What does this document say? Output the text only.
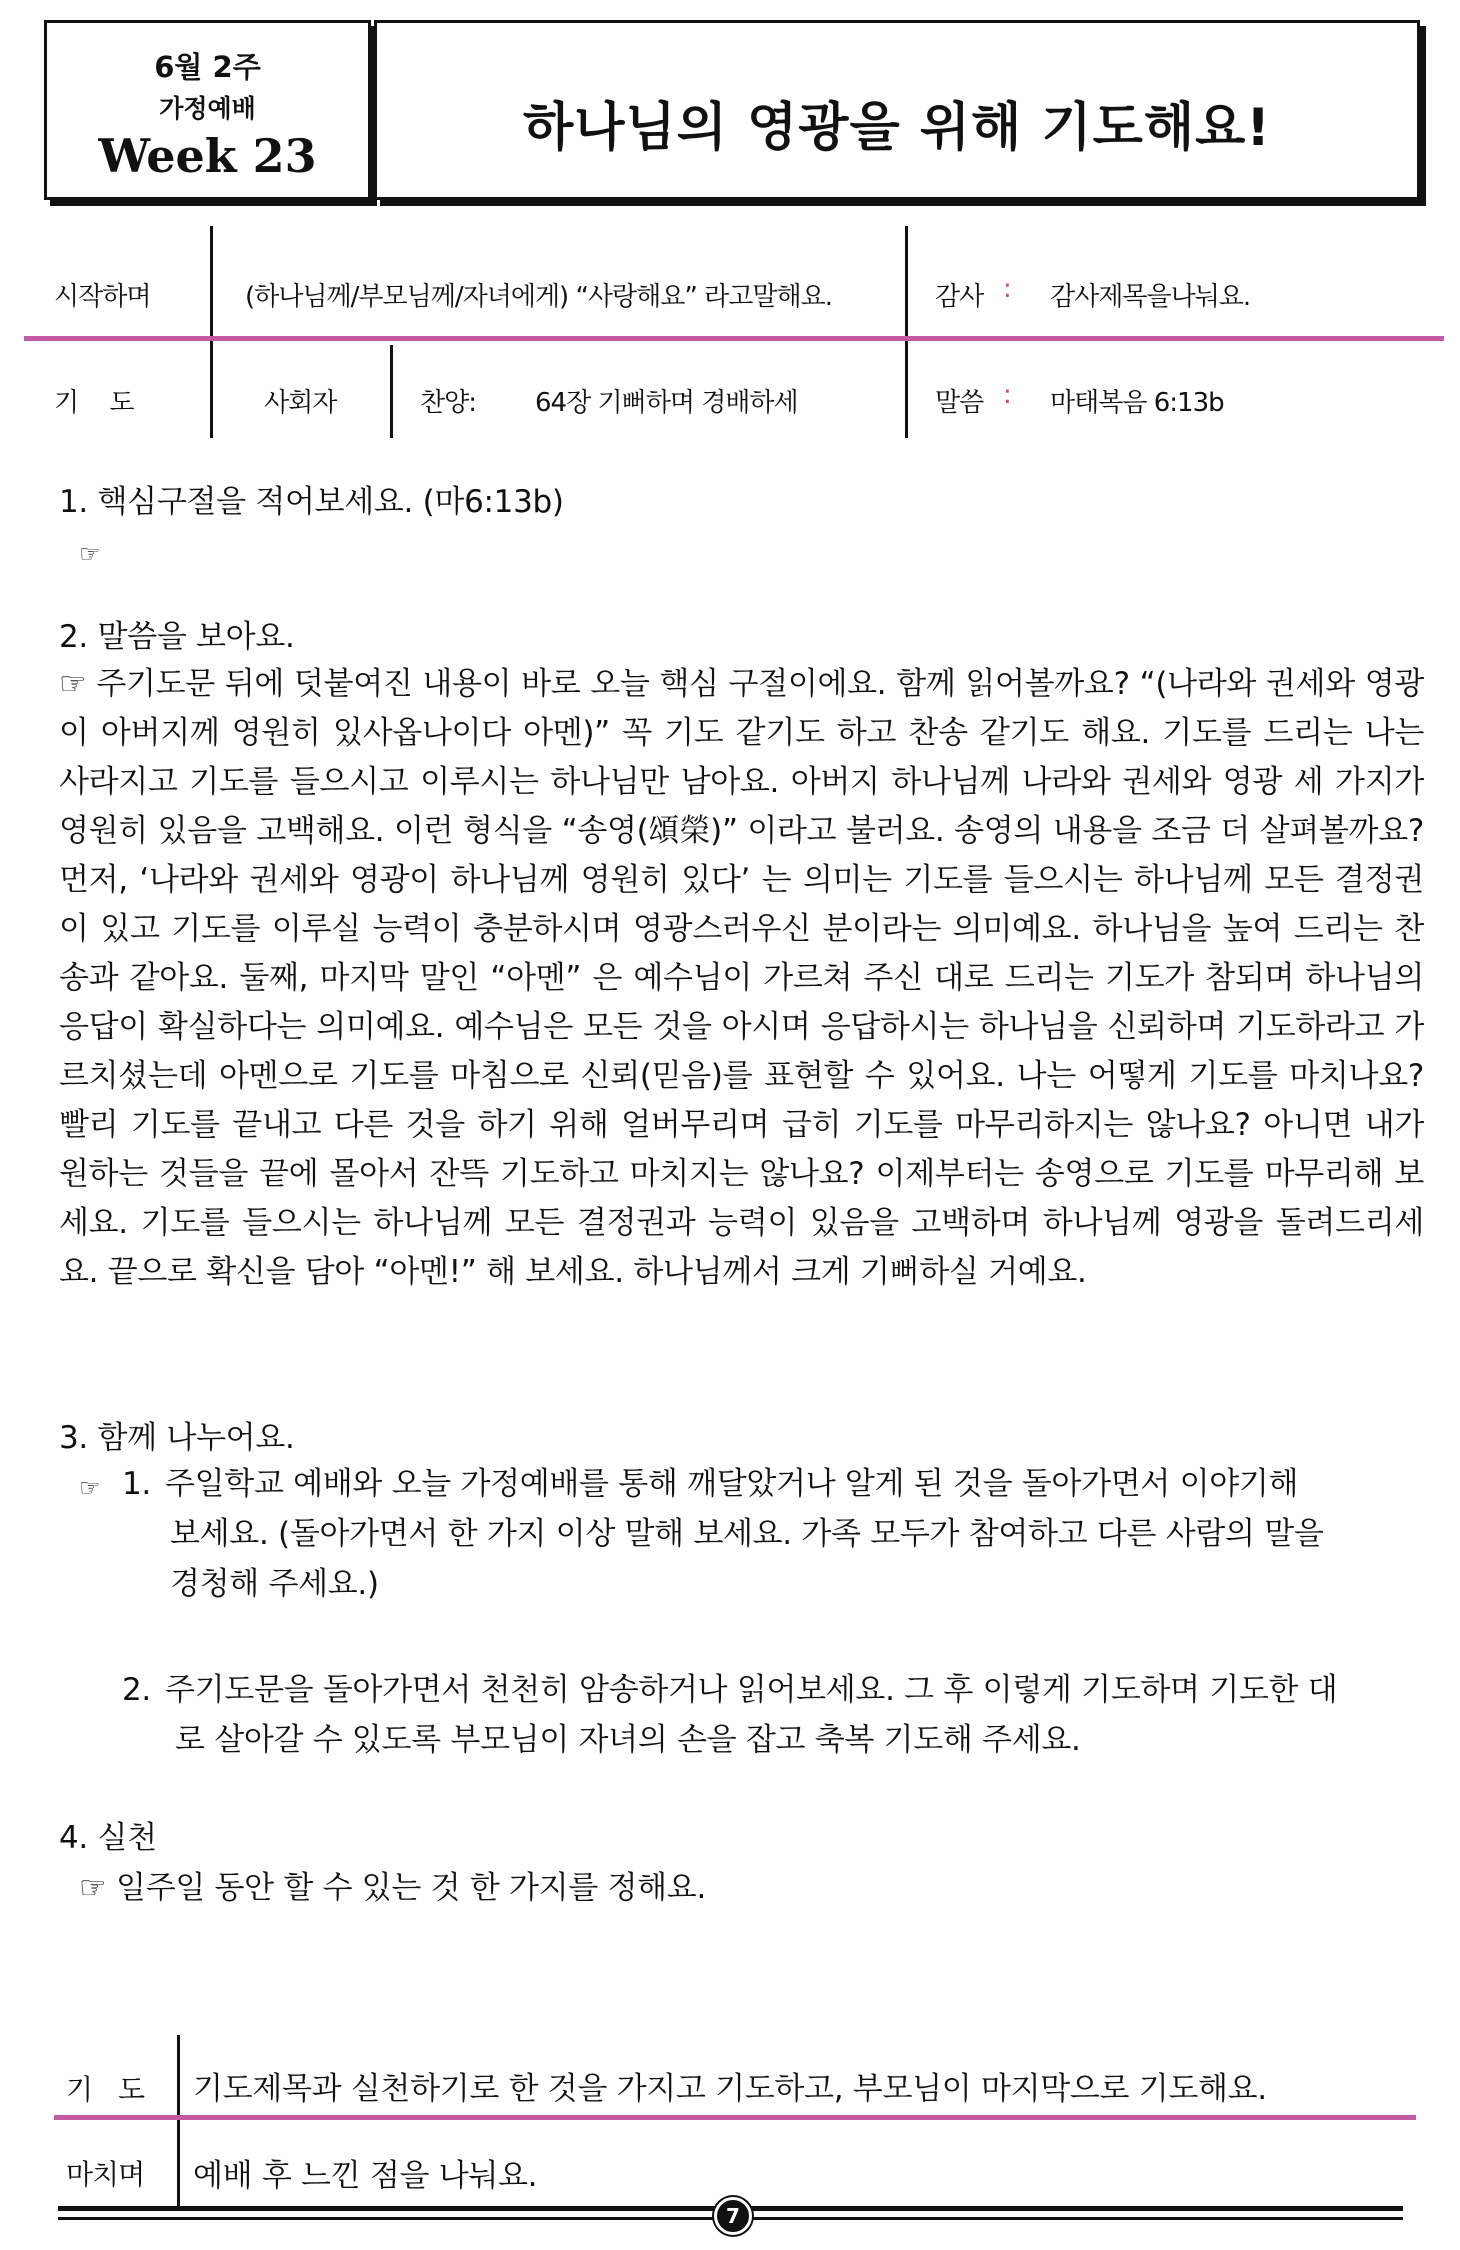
6월 2주
가정예배
Week 23	하나님의 영광을 위해 기도해요!
시작하며	(하나님께/부모님께/자녀에게) “사랑해요” 라고말해요.	감사 : 감사제목을나눠요.
기 도	사회자	찬양: 64장 기뻐하며 경배하세	말씀 : 마태복음 6:13b
1. 핵심구절을 적어보세요. (마6:13b)
☞
2. 말씀을 보아요.
☞ 주기도문 뒤에 덧붙여진 내용이 바로 오늘 핵심 구절이에요. 함께 읽어볼까요? “(나라와 권세와 영광이 아버지께 영원히 있사옵나이다 아멘)” 꼭 기도 같기도 하고 찬송 같기도 해요. 기도를 드리는 나는 사라지고 기도를 들으시고 이루시는 하나님만 남아요. 아버지 하나님께 나라와 권세와 영광 세 가지가 영원히 있음을 고백해요. 이런 형식을 “송영(頌榮)” 이라고 불러요. 송영의 내용을 조금 더 살펴볼까요? 먼저, ‘나라와 권세와 영광이 하나님께 영원히 있다’ 는 의미는 기도를 들으시는 하나님께 모든 결정권이 있고 기도를 이루실 능력이 충분하시며 영광스러우신 분이라는 의미예요. 하나님을 높여 드리는 찬송과 같아요. 둘째, 마지막 말인 “아멘” 은 예수님이 가르쳐 주신 대로 드리는 기도가 참되며 하나님의 응답이 확실하다는 의미예요. 예수님은 모든 것을 아시며 응답하시는 하나님을 신뢰하며 기도하라고 가르치셨는데 아멘으로 기도를 마침으로 신뢰(믿음)를 표현할 수 있어요. 나는 어떻게 기도를 마치나요? 빨리 기도를 끝내고 다른 것을 하기 위해 얼버무리며 급히 기도를 마무리하지는 않나요? 아니면 내가 원하는 것들을 끝에 몰아서 잔뜩 기도하고 마치지는 않나요? 이제부터는 송영으로 기도를 마무리해 보세요. 기도를 들으시는 하나님께 모든 결정권과 능력이 있음을 고백하며 하나님께 영광을 돌려드리세요. 끝으로 확신을 담아 “아멘!” 해 보세요. 하나님께서 크게 기뻐하실 거예요.
3. 함께 나누어요.
☞ 1. 주일학교 예배와 오늘 가정예배를 통해 깨달았거나 알게 된 것을 돌아가면서 이야기해
보세요. (돌아가면서 한 가지 이상 말해 보세요. 가족 모두가 참여하고 다른 사람의 말을
경청해 주세요.)
2. 주기도문을 돌아가면서 천천히 암송하거나 읽어보세요. 그 후 이렇게 기도하며 기도한 대
로 살아갈 수 있도록 부모님이 자녀의 손을 잡고 축복 기도해 주세요.
4. 실천
☞ 일주일 동안 할 수 있는 것 한 가지를 정해요.
기 도 기도제목과 실천하기로 한 것을 가지고 기도하고, 부모님이 마지막으로 기도해요.
마치며 예배 후 느낀 점을 나눠요.
7
